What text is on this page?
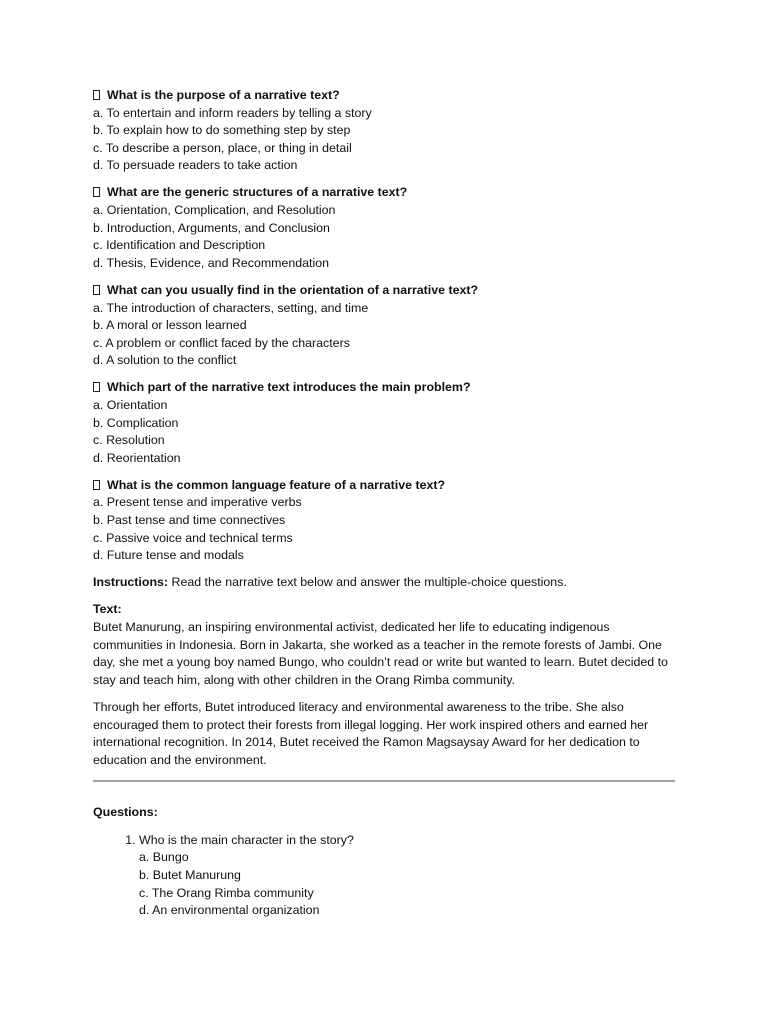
What is the purpose of a narrative text?
a. To entertain and inform readers by telling a story
b. To explain how to do something step by step
c. To describe a person, place, or thing in detail
d. To persuade readers to take action
What are the generic structures of a narrative text?
a. Orientation, Complication, and Resolution
b. Introduction, Arguments, and Conclusion
c. Identification and Description
d. Thesis, Evidence, and Recommendation
What can you usually find in the orientation of a narrative text?
a. The introduction of characters, setting, and time
b. A moral or lesson learned
c. A problem or conflict faced by the characters
d. A solution to the conflict
Which part of the narrative text introduces the main problem?
a. Orientation
b. Complication
c. Resolution
d. Reorientation
What is the common language feature of a narrative text?
a. Present tense and imperative verbs
b. Past tense and time connectives
c. Passive voice and technical terms
d. Future tense and modals

Instructions: Read the narrative text below and answer the multiple-choice questions.

Text:

Butet Manurung, an inspiring environmental activist, dedicated her life to educating indigenous communities in Indonesia. Born in Jakarta, she worked as a teacher in the remote forests of Jambi. One day, she met a young boy named Bungo, who couldn’t read or write but wanted to learn. Butet decided to stay and teach him, along with other children in the Orang Rimba community.

Through her efforts, Butet introduced literacy and environmental awareness to the tribe. She also encouraged them to protect their forests from illegal logging. Her work inspired others and earned her international recognition. In 2014, Butet received the Ramon Magsaysay Award for her dedication to education and the environment.

Questions:
1. Who is the main character in the story?
a. Bungo
b. Butet Manurung
c. The Orang Rimba community
d. An environmental organization
